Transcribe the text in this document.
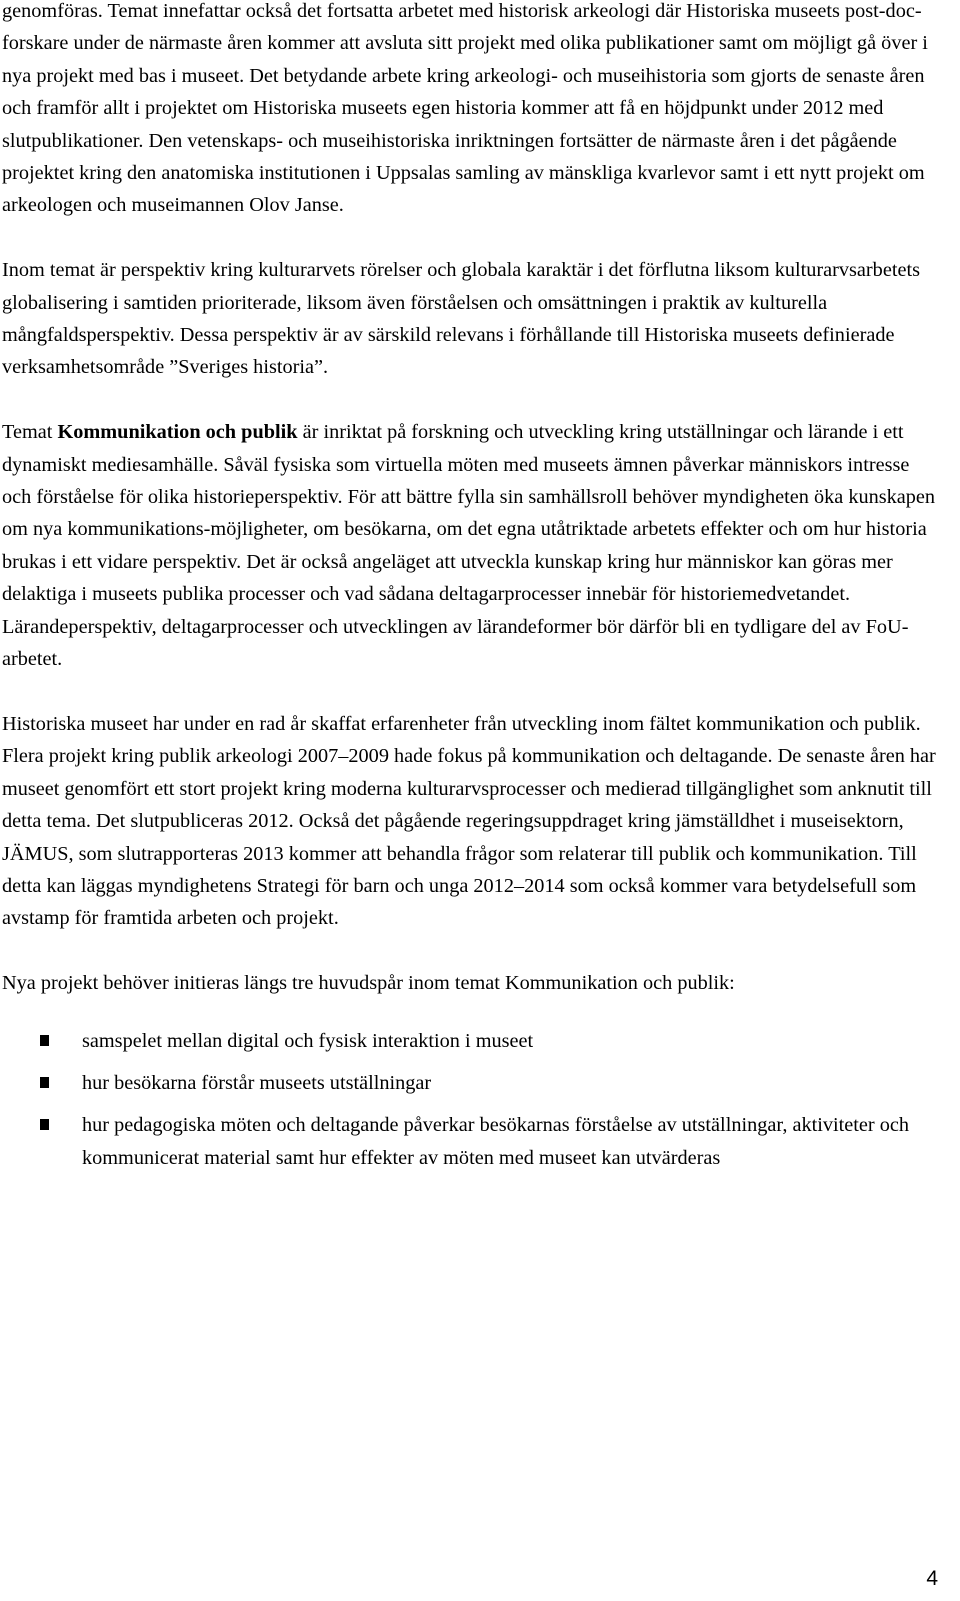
genomföras. Temat innefattar också det fortsatta arbetet med historisk arkeologi där Historiska museets post-doc-forskare under de närmaste åren kommer att avsluta sitt projekt med olika publikationer samt om möjligt gå över i nya projekt med bas i museet. Det betydande arbete kring arkeologi- och museihistoria som gjorts de senaste åren och framför allt i projektet om Historiska museets egen historia kommer att få en höjdpunkt under 2012 med slutpublikationer. Den vetenskaps- och museihistoriska inriktningen fortsätter de närmaste åren i det pågående projektet kring den anatomiska institutionen i Uppsalas samling av mänskliga kvarlevor samt i ett nytt projekt om arkeologen och museimannen Olov Janse.

Inom temat är perspektiv kring kulturarvets rörelser och globala karaktär i det förflutna liksom kulturarvsarbetets globalisering i samtiden prioriterade, liksom även förståelsen och omsättningen i praktik av kulturella mångfaldsperspektiv. Dessa perspektiv är av särskild relevans i förhållande till Historiska museets definierade verksamhetsområde ”Sveriges historia”.

Temat Kommunikation och publik är inriktat på forskning och utveckling kring utställningar och lärande i ett dynamiskt mediesamhälle. Såväl fysiska som virtuella möten med museets ämnen påverkar människors intresse och förståelse för olika historieperspektiv. För att bättre fylla sin samhällsroll behöver myndigheten öka kunskapen om nya kommunikations-möjligheter, om besökarna, om det egna utåtriktade arbetets effekter och om hur historia brukas i ett vidare perspektiv. Det är också angeläget att utveckla kunskap kring hur människor kan göras mer delaktiga i museets publika processer och vad sådana deltagarprocesser innebär för historiemedvetandet. Lärandeperspektiv, deltagarprocesser och utvecklingen av lärandeformer bör därför bli en tydligare del av FoU-arbetet.

Historiska museet har under en rad år skaffat erfarenheter från utveckling inom fältet kommunikation och publik. Flera projekt kring publik arkeologi 2007–2009 hade fokus på kommunikation och deltagande. De senaste åren har museet genomfört ett stort projekt kring moderna kulturarvsprocesser och medierad tillgänglighet som anknutit till detta tema. Det slutpubliceras 2012. Också det pågående regeringsuppdraget kring jämställdhet i museisektorn, JÄMUS, som slutrapporteras 2013 kommer att behandla frågor som relaterar till publik och kommunikation. Till detta kan läggas myndighetens Strategi för barn och unga 2012–2014 som också kommer vara betydelsefull som avstamp för framtida arbeten och projekt.

Nya projekt behöver initieras längs tre huvudspår inom temat Kommunikation och publik:

samspelet mellan digital och fysisk interaktion i museet
hur besökarna förstår museets utställningar
hur pedagogiska möten och deltagande påverkar besökarnas förståelse av utställningar, aktiviteter och kommunicerat material samt hur effekter av möten med museet kan utvärderas
4
